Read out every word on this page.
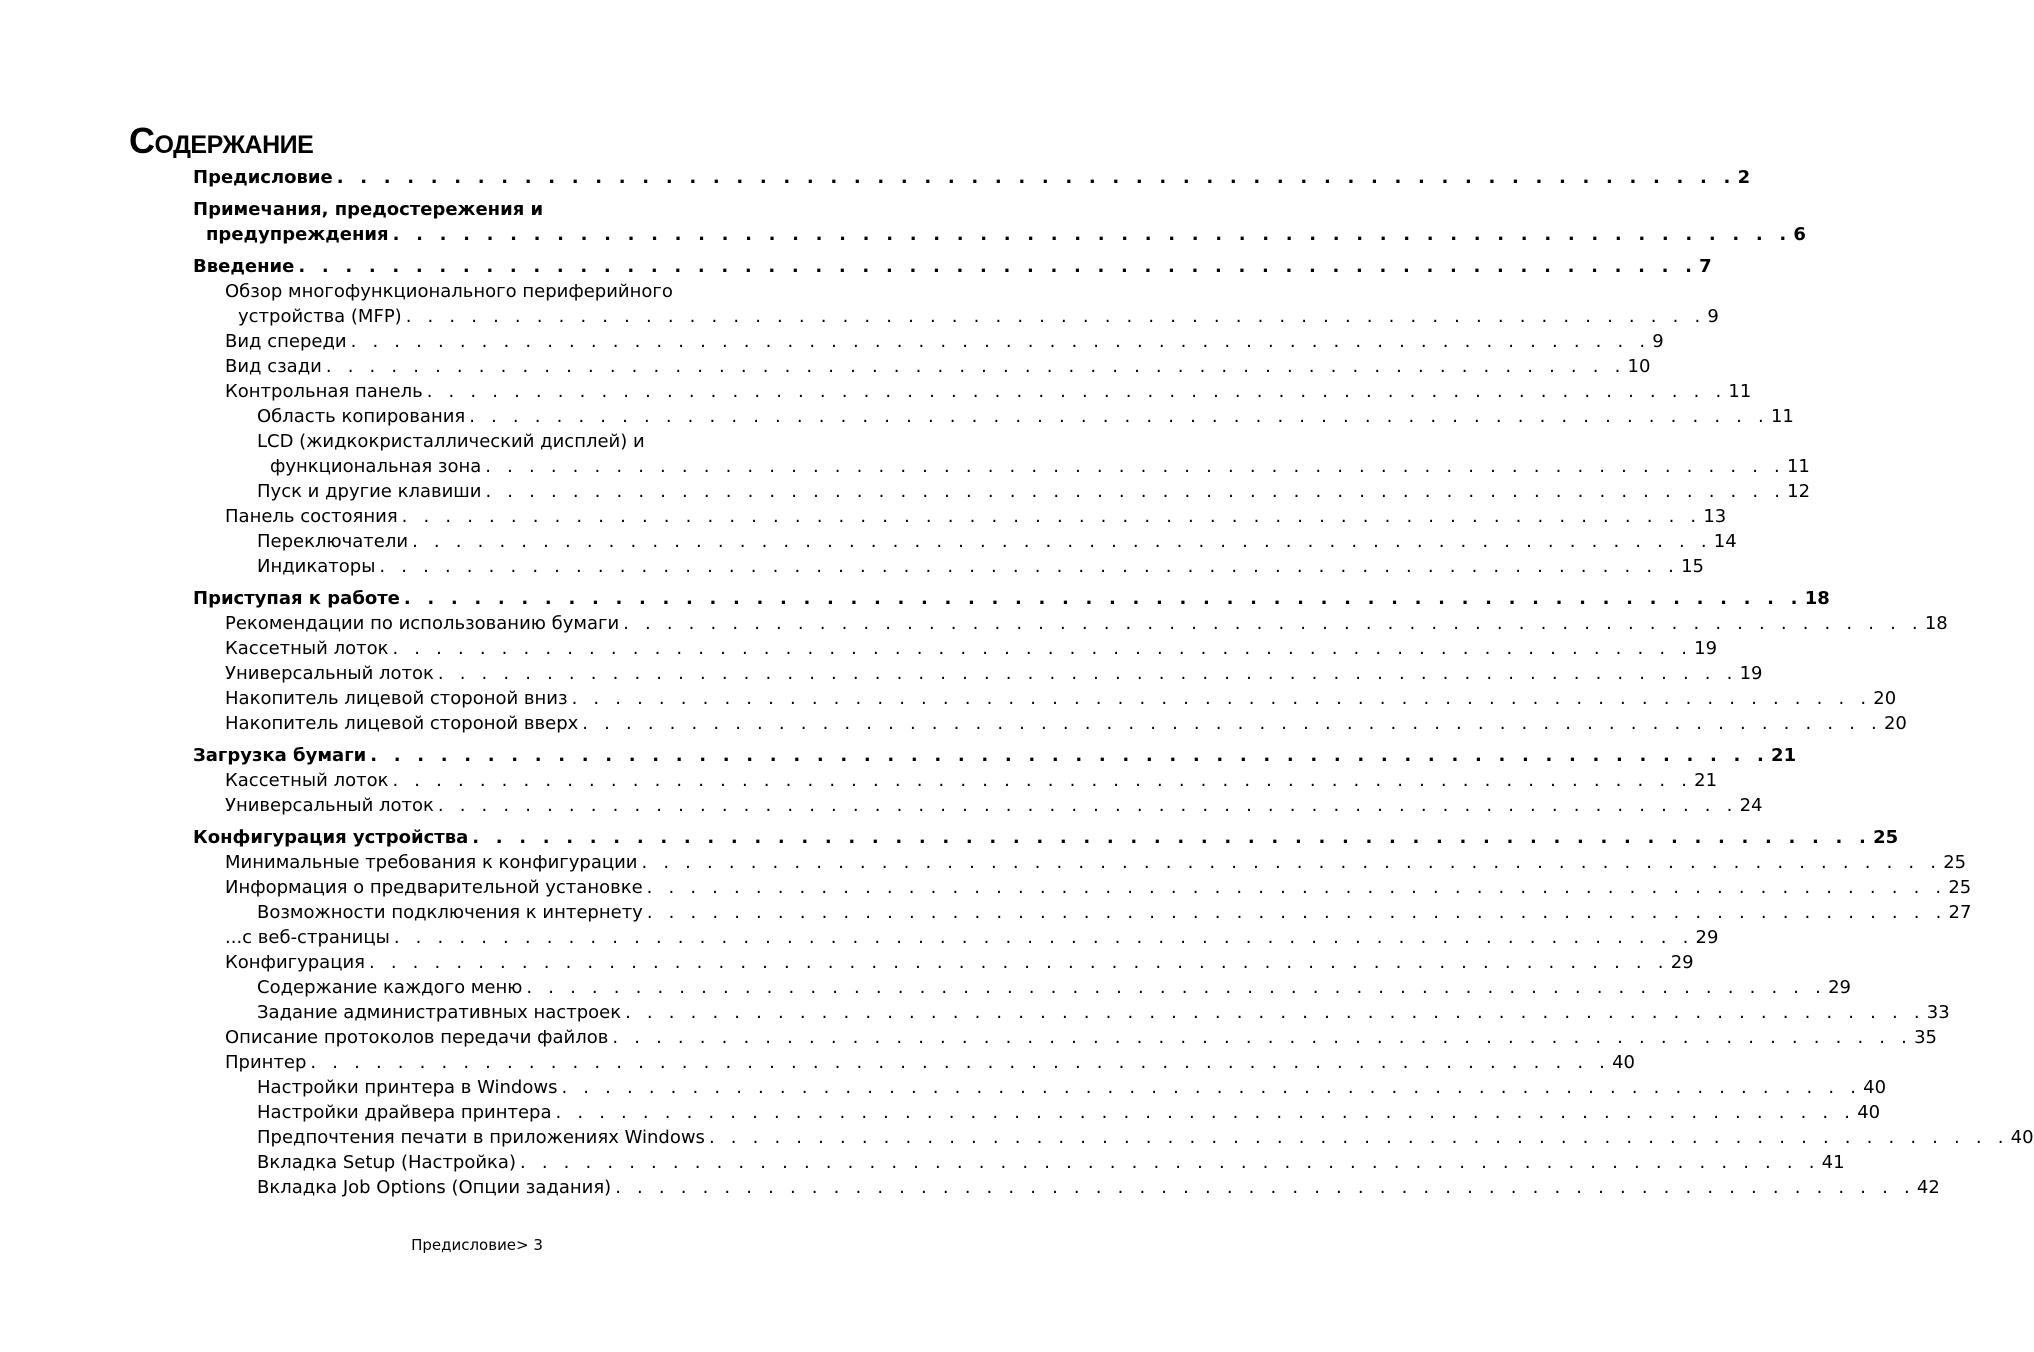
СОДЕРЖАНИЕ
Предисловие . . . . . . . . . . . . . . . . . . . . . . . . . . . . . . . . . . . . . . . . . . . . . . . . . . . . . . . . . . . . 2
Примечания, предостережения и
предупреждения . . . . . . . . . . . . . . . . . . . . . . . . . . . . . . . . . . . . . . . . . . . . . . . . . . . . . . . . . . . . 6
Введение . . . . . . . . . . . . . . . . . . . . . . . . . . . . . . . . . . . . . . . . . . . . . . . . . . . . . . . . . . . . 7
Обзор многофункционального периферийного
устройства (MFP) . . . . . . . . . . . . . . . . . . . . . . . . . . . . . . . . . . . . . . . . . . . . . . . . . . . . . . . . . . . . 9
Вид спереди . . . . . . . . . . . . . . . . . . . . . . . . . . . . . . . . . . . . . . . . . . . . . . . . . . . . . . . . . . . . 9
Вид сзади . . . . . . . . . . . . . . . . . . . . . . . . . . . . . . . . . . . . . . . . . . . . . . . . . . . . . . . . . . . . 10
Контрольная панель . . . . . . . . . . . . . . . . . . . . . . . . . . . . . . . . . . . . . . . . . . . . . . . . . . . . . . . . . . . . 11
Область копирования . . . . . . . . . . . . . . . . . . . . . . . . . . . . . . . . . . . . . . . . . . . . . . . . . . . . . . . . . . . . 11
LCD (жидкокристаллический дисплей) и
функциональная зона . . . . . . . . . . . . . . . . . . . . . . . . . . . . . . . . . . . . . . . . . . . . . . . . . . . . . . . . . . . . 11
Пуск и другие клавиши . . . . . . . . . . . . . . . . . . . . . . . . . . . . . . . . . . . . . . . . . . . . . . . . . . . . . . . . . . . . 12
Панель состояния . . . . . . . . . . . . . . . . . . . . . . . . . . . . . . . . . . . . . . . . . . . . . . . . . . . . . . . . . . . . 13
Переключатели . . . . . . . . . . . . . . . . . . . . . . . . . . . . . . . . . . . . . . . . . . . . . . . . . . . . . . . . . . . . 14
Индикаторы . . . . . . . . . . . . . . . . . . . . . . . . . . . . . . . . . . . . . . . . . . . . . . . . . . . . . . . . . . . . 15
Приступая к работе . . . . . . . . . . . . . . . . . . . . . . . . . . . . . . . . . . . . . . . . . . . . . . . . . . . . . . . . . . . . 18
Рекомендации по использованию бумаги . . . . . . . . . . . . . . . . . . . . . . . . . . . . . . . . . . . . . . . . . . . . . . . . . . . . . . . . . . . . 18
Кассетный лоток . . . . . . . . . . . . . . . . . . . . . . . . . . . . . . . . . . . . . . . . . . . . . . . . . . . . . . . . . . . . 19
Универсальный лоток . . . . . . . . . . . . . . . . . . . . . . . . . . . . . . . . . . . . . . . . . . . . . . . . . . . . . . . . . . . . 19
Накопитель лицевой стороной вниз . . . . . . . . . . . . . . . . . . . . . . . . . . . . . . . . . . . . . . . . . . . . . . . . . . . . . . . . . . . . 20
Накопитель лицевой стороной вверх . . . . . . . . . . . . . . . . . . . . . . . . . . . . . . . . . . . . . . . . . . . . . . . . . . . . . . . . . . . . 20
Загрузка бумаги . . . . . . . . . . . . . . . . . . . . . . . . . . . . . . . . . . . . . . . . . . . . . . . . . . . . . . . . . . . . 21
Кассетный лоток . . . . . . . . . . . . . . . . . . . . . . . . . . . . . . . . . . . . . . . . . . . . . . . . . . . . . . . . . . . . 21
Универсальный лоток . . . . . . . . . . . . . . . . . . . . . . . . . . . . . . . . . . . . . . . . . . . . . . . . . . . . . . . . . . . . 24
Конфигурация устройства . . . . . . . . . . . . . . . . . . . . . . . . . . . . . . . . . . . . . . . . . . . . . . . . . . . . . . . . . . . . 25
Минимальные требования к конфигурации . . . . . . . . . . . . . . . . . . . . . . . . . . . . . . . . . . . . . . . . . . . . . . . . . . . . . . . . . . . . 25
Информация о предварительной установке . . . . . . . . . . . . . . . . . . . . . . . . . . . . . . . . . . . . . . . . . . . . . . . . . . . . . . . . . . . . 25
Возможности подключения к интернету . . . . . . . . . . . . . . . . . . . . . . . . . . . . . . . . . . . . . . . . . . . . . . . . . . . . . . . . . . . . 27
...с веб-страницы . . . . . . . . . . . . . . . . . . . . . . . . . . . . . . . . . . . . . . . . . . . . . . . . . . . . . . . . . . . . 29
Конфигурация . . . . . . . . . . . . . . . . . . . . . . . . . . . . . . . . . . . . . . . . . . . . . . . . . . . . . . . . . . . . 29
Содержание каждого меню . . . . . . . . . . . . . . . . . . . . . . . . . . . . . . . . . . . . . . . . . . . . . . . . . . . . . . . . . . . . 29
Задание административных настроек . . . . . . . . . . . . . . . . . . . . . . . . . . . . . . . . . . . . . . . . . . . . . . . . . . . . . . . . . . . . 33
Описание протоколов передачи файлов . . . . . . . . . . . . . . . . . . . . . . . . . . . . . . . . . . . . . . . . . . . . . . . . . . . . . . . . . . . . 35
Принтер . . . . . . . . . . . . . . . . . . . . . . . . . . . . . . . . . . . . . . . . . . . . . . . . . . . . . . . . . . . . 40
Настройки принтера в Windows . . . . . . . . . . . . . . . . . . . . . . . . . . . . . . . . . . . . . . . . . . . . . . . . . . . . . . . . . . . . 40
Настройки драйвера принтера . . . . . . . . . . . . . . . . . . . . . . . . . . . . . . . . . . . . . . . . . . . . . . . . . . . . . . . . . . . . 40
Предпочтения печати в приложениях Windows . . . . . . . . . . . . . . . . . . . . . . . . . . . . . . . . . . . . . . . . . . . . . . . . . . . . . . . . . . . . 40
Вкладка Setup (Настройка) . . . . . . . . . . . . . . . . . . . . . . . . . . . . . . . . . . . . . . . . . . . . . . . . . . . . . . . . . . . . 41
Вкладка Job Options (Опции задания) . . . . . . . . . . . . . . . . . . . . . . . . . . . . . . . . . . . . . . . . . . . . . . . . . . . . . . . . . . . . 42
Предисловие> 3
